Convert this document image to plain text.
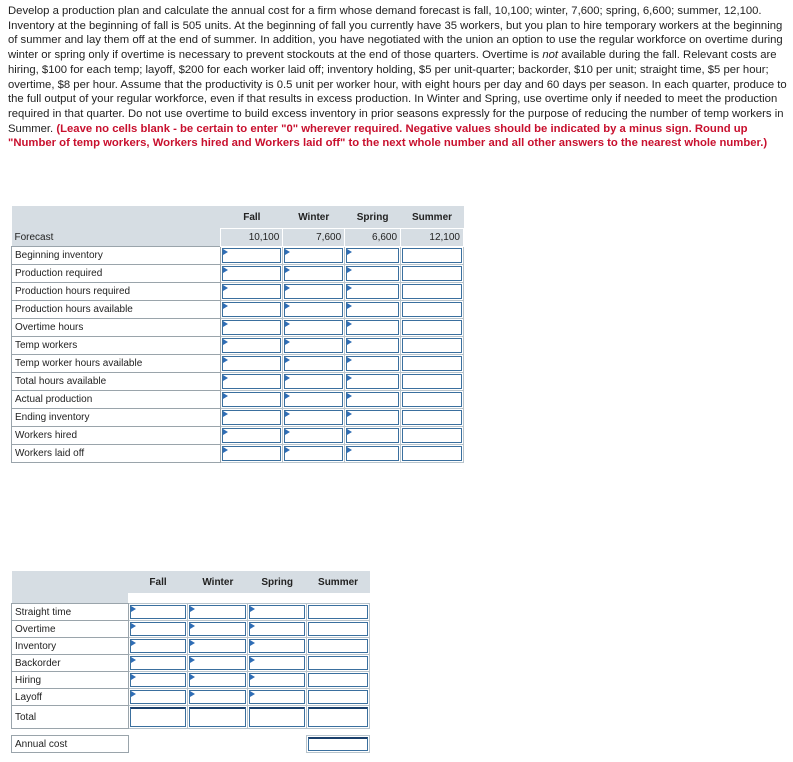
Develop a production plan and calculate the annual cost for a firm whose demand forecast is fall, 10,100; winter, 7,600; spring, 6,600; summer, 12,100. Inventory at the beginning of fall is 505 units. At the beginning of fall you currently have 35 workers, but you plan to hire temporary workers at the beginning of summer and lay them off at the end of summer. In addition, you have negotiated with the union an option to use the regular workforce on overtime during winter or spring only if overtime is necessary to prevent stockouts at the end of those quarters. Overtime is not available during the fall. Relevant costs are hiring, $100 for each temp; layoff, $200 for each worker laid off; inventory holding, $5 per unit-quarter; backorder, $10 per unit; straight time, $5 per hour; overtime, $8 per hour. Assume that the productivity is 0.5 unit per worker hour, with eight hours per day and 60 days per season. In each quarter, produce to the full output of your regular workforce, even if that results in excess production. In Winter and Spring, use overtime only if needed to meet the production required in that quarter. Do not use overtime to build excess inventory in prior seasons expressly for the purpose of reducing the number of temp workers in Summer. (Leave no cells blank - be certain to enter "0" wherever required. Negative values should be indicated by a minus sign. Round up "Number of temp workers, Workers hired and Workers laid off" to the next whole number and all other answers to the nearest whole number.)
	Fall	Winter	Spring	Summer
Forecast	10,100	7,600	6,600	12,100
Beginning inventory	

Production required	

Production hours required	

Production hours available	

Overtime hours	

Temp workers	

Temp worker hours available	

Total hours available	

Actual production	

Ending inventory	

Workers hired	

Workers laid off	

	Fall	Winter	Spring	Summer

Straight time	

Overtime	

Inventory	

Backorder	

Hiring	

Layoff	

Total	

Annual cost				
